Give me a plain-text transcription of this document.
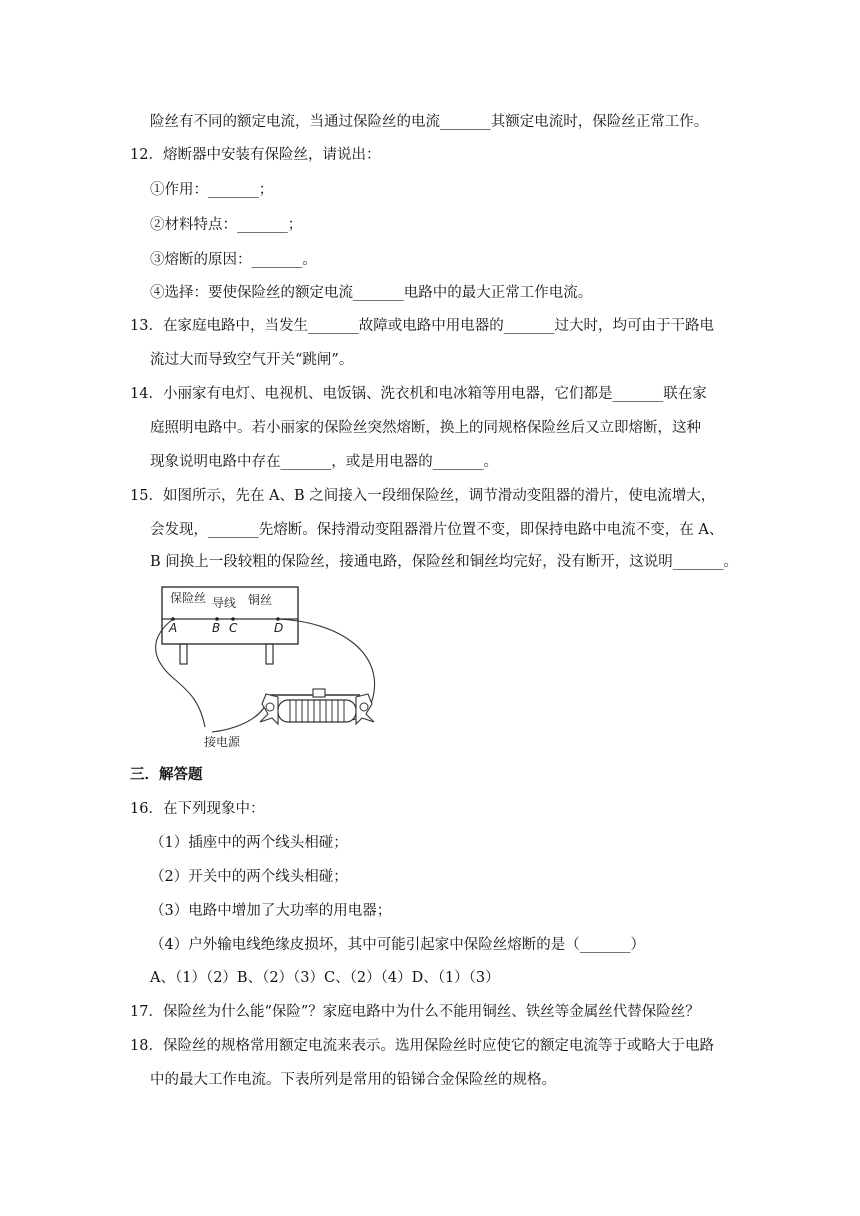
险丝有不同的额定电流，当通过保险丝的电流_______其额定电流时，保险丝正常工作。
12．熔断器中安装有保险丝，请说出：
①作用：_______；
②材料特点：_______；
③熔断的原因：_______。
④选择：要使保险丝的额定电流_______电路中的最大正常工作电流。
13．在家庭电路中，当发生_______故障或电路中用电器的_______过大时，均可由于干路电
流过大而导致空气开关“跳闸”。
14．小丽家有电灯、电视机、电饭锅、洗衣机和电冰箱等用电器，它们都是_______联在家
庭照明电路中。若小丽家的保险丝突然熔断，换上的同规格保险丝后又立即熔断，这种
现象说明电路中存在_______，或是用电器的_______。
15．如图所示，先在 A、B 之间接入一段细保险丝，调节滑动变阻器的滑片，使电流增大，
会发现，_______先熔断。保持滑动变阻器滑片位置不变，即保持电路中电流不变，在 A、
B 间换上一段较粗的保险丝，接通电路，保险丝和铜丝均完好，没有断开，这说明_______。
保险丝 导线 铜丝
A	B C	D
接电源
三．解答题
16．在下列现象中：
（1）插座中的两个线头相碰；
（2）开关中的两个线头相碰；
（3）电路中增加了大功率的用电器；
（4）户外输电线绝缘皮损坏，其中可能引起家中保险丝熔断的是（_______）
A、（1）（2）B、（2）（3）C、（2）（4）D、（1）（3）
17．保险丝为什么能“保险”？家庭电路中为什么不能用铜丝、铁丝等金属丝代替保险丝？
18．保险丝的规格常用额定电流来表示。选用保险丝时应使它的额定电流等于或略大于电路
中的最大工作电流。下表所列是常用的铅锑合金保险丝的规格。
